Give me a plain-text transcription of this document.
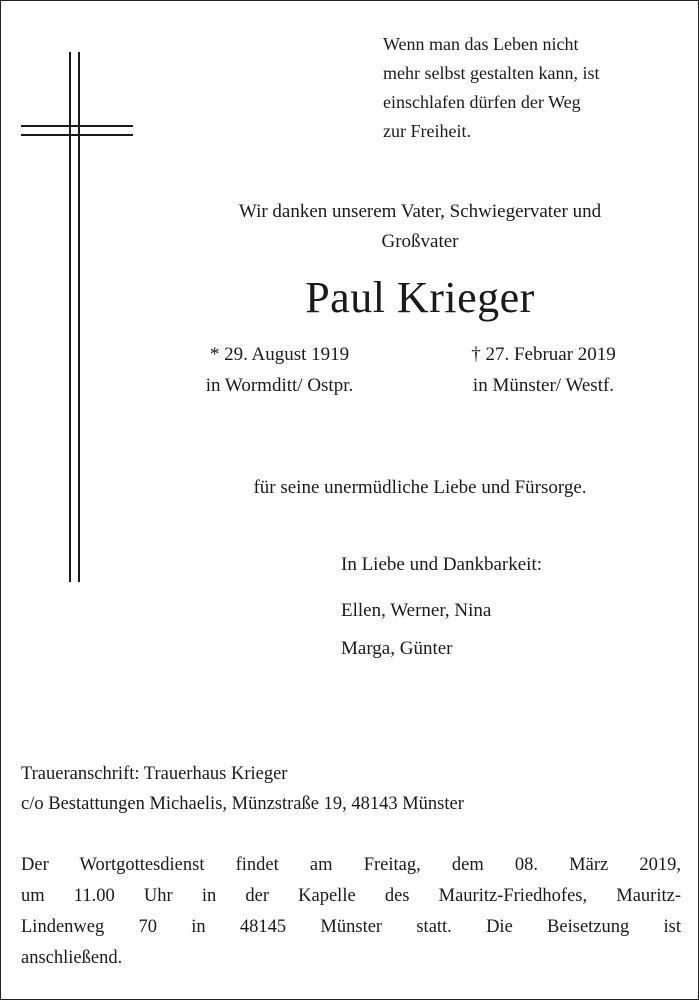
Wenn man das Leben nicht
mehr selbst gestalten kann, ist
einschlafen dürfen der Weg
zur Freiheit.
Wir danken unserem Vater, Schwiegervater und
Großvater
Paul Krieger
* 29. August 1919
in Wormditt/ Ostpr.
† 27. Februar 2019
in Münster/ Westf.
für seine unermüdliche Liebe und Fürsorge.
In Liebe und Dankbarkeit:
Ellen, Werner, Nina
Marga, Günter
Traueranschrift: Trauerhaus Krieger
c/o Bestattungen Michaelis, Münzstraße 19, 48143 Münster
Der Wortgottesdienst findet am Freitag, dem 08. März 2019,
um 11.00 Uhr in der Kapelle des Mauritz-Friedhofes, Mauritz-
Lindenweg 70 in 48145 Münster statt. Die Beisetzung ist
anschließend.
